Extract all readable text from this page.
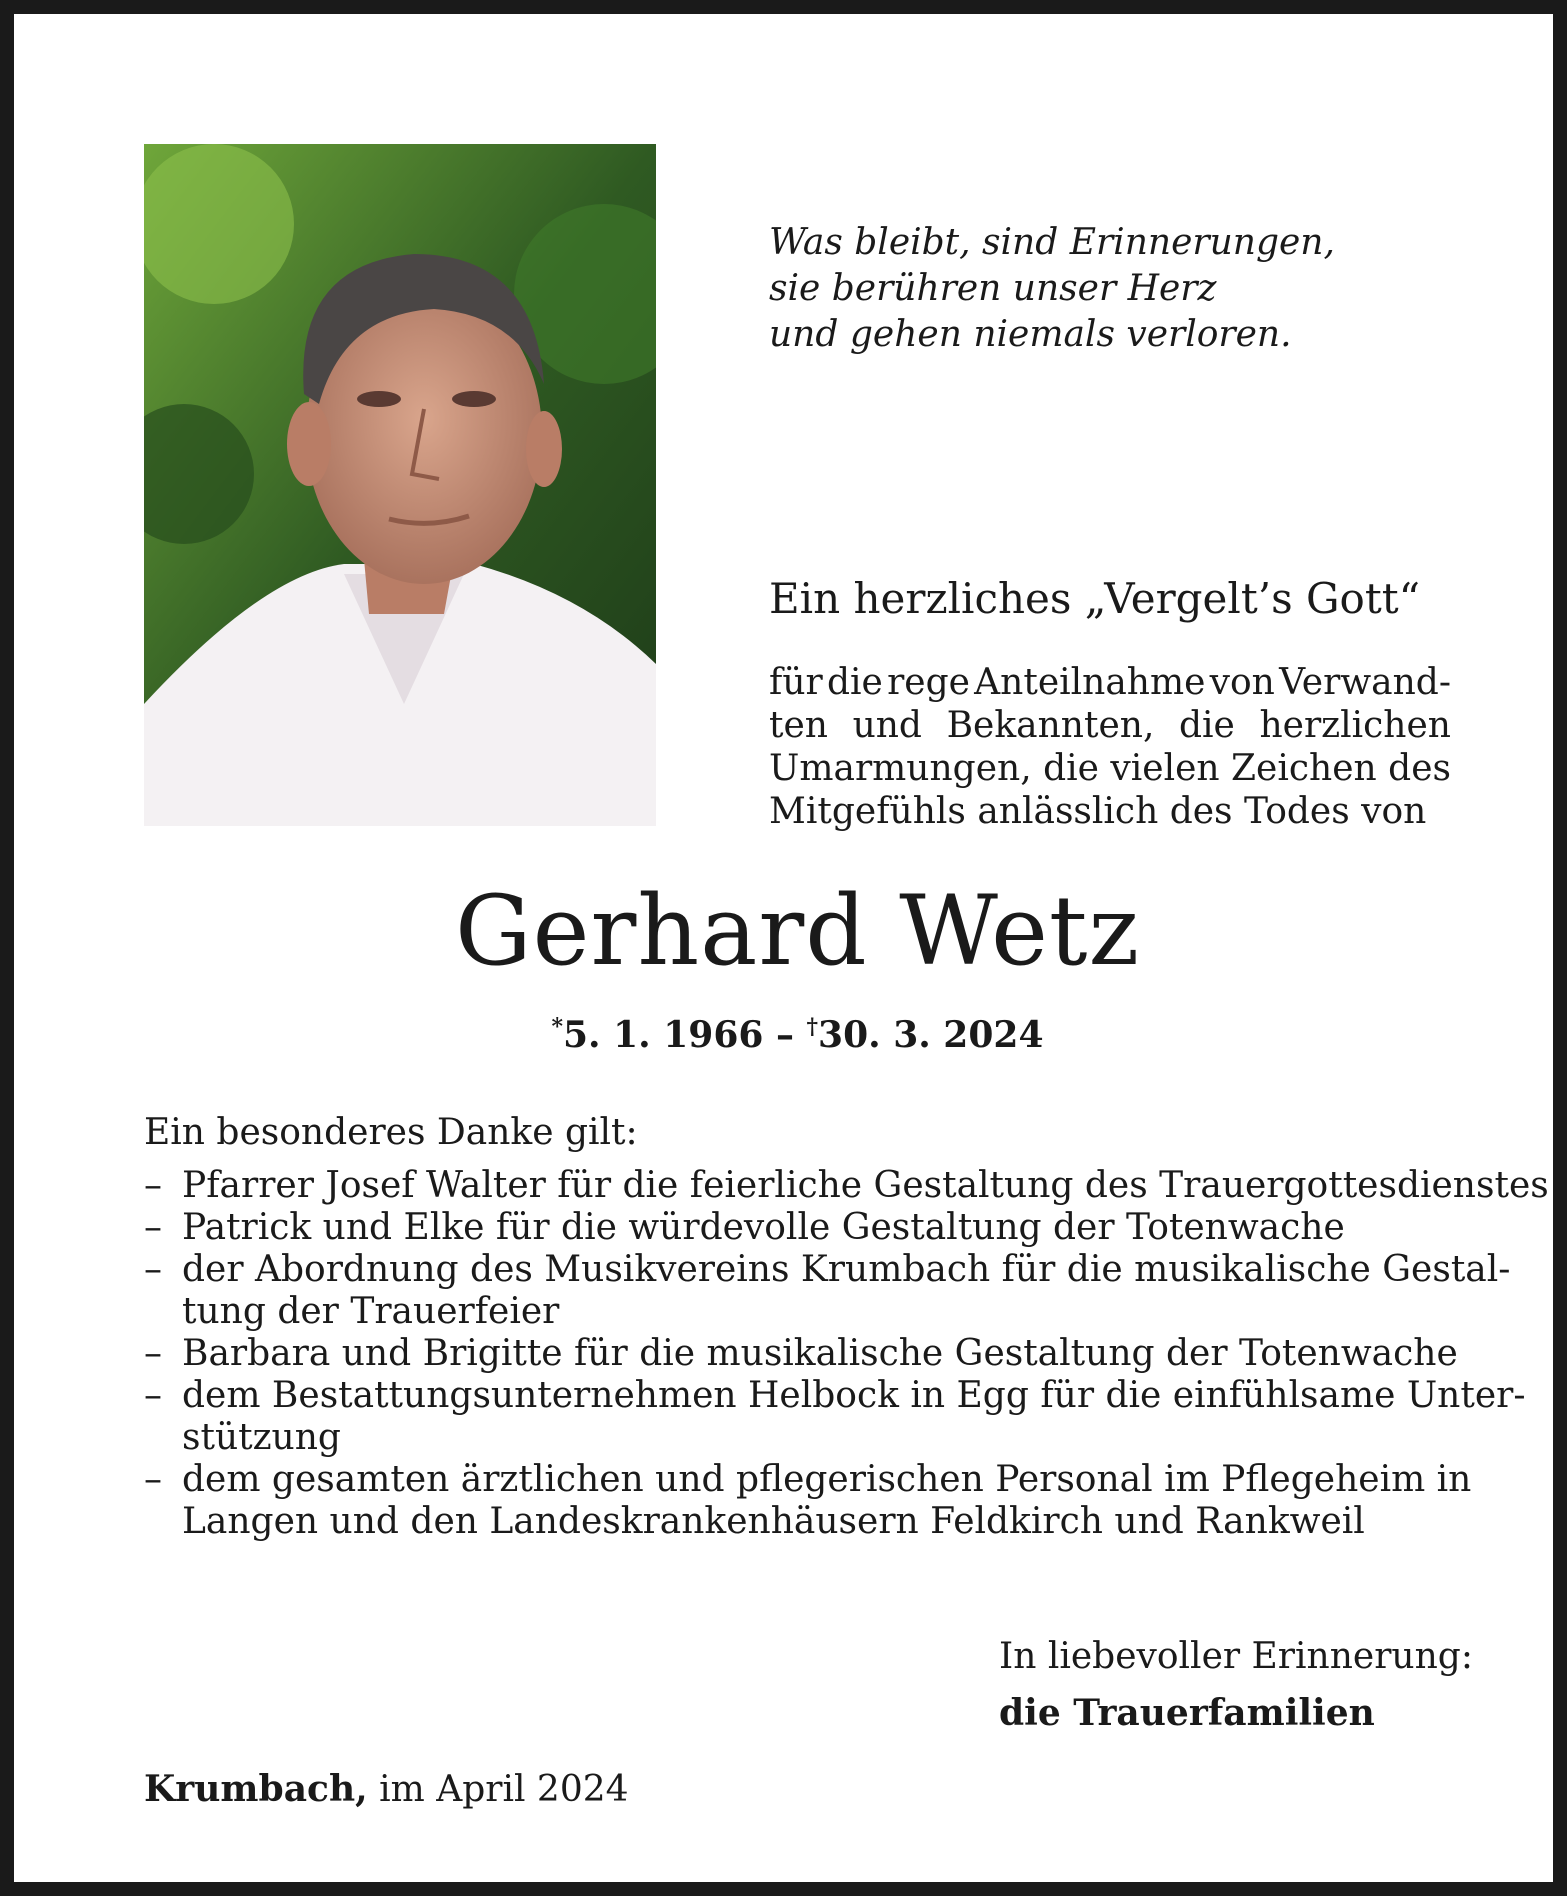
Was bleibt, sind Erinnerungen,
sie berühren unser Herz
und gehen niemals verloren.
Ein herzliches „Vergelt’s Gott“
für die rege Anteilnahme von Verwand-
ten und Bekannten, die herzlichen
Umarmungen, die vielen Zeichen des
Mitgefühls anlässlich des Todes von
Gerhard Wetz
*5. 1. 1966 – †30. 3. 2024
Ein besonderes Danke gilt:
– Pfarrer Josef Walter für die feierliche Gestaltung des Trauergottesdienstes
– Patrick und Elke für die würdevolle Gestaltung der Totenwache
– der Abordnung des Musikvereins Krumbach für die musikalische Gestal-
tung der Trauerfeier
– Barbara und Brigitte für die musikalische Gestaltung der Totenwache
– dem Bestattungsunternehmen Helbock in Egg für die einfühlsame Unter-
stützung
– dem gesamten ärztlichen und pflegerischen Personal im Pflegeheim in
Langen und den Landeskrankenhäusern Feldkirch und Rankweil
In liebevoller Erinnerung:
die Trauerfamilien
Krumbach, im April 2024
